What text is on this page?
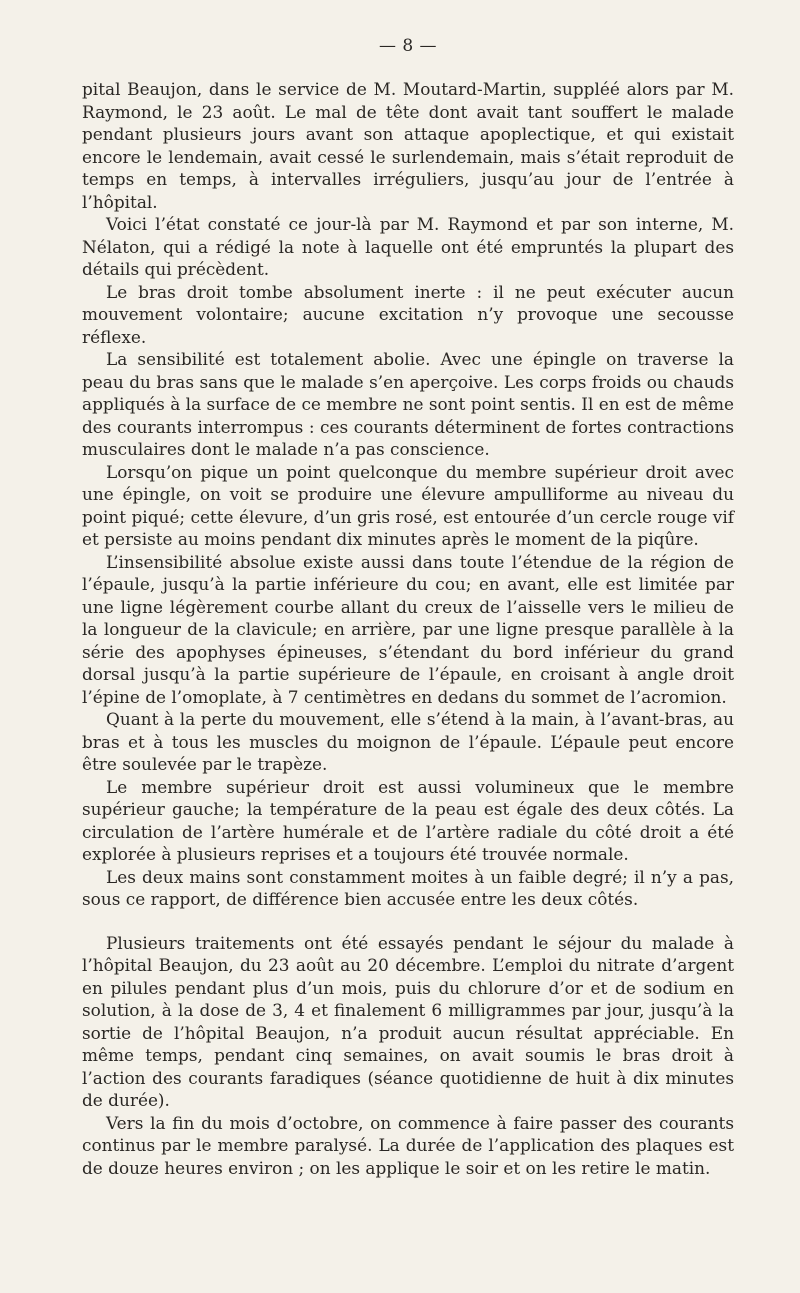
— 8 —

pital Beaujon, dans le service de M. Moutard-Martin, suppléé alors par M. Raymond, le 23 août. Le mal de tête dont avait tant souffert le malade pendant plusieurs jours avant son attaque apoplectique, et qui existait encore le lendemain, avait cessé le surlendemain, mais s’était reproduit de temps en temps, à intervalles irréguliers, jusqu’au jour de l’entrée à l’hôpital.

Voici l’état constaté ce jour-là par M. Raymond et par son interne, M. Nélaton, qui a rédigé la note à laquelle ont été empruntés la plupart des détails qui précèdent.

Le bras droit tombe absolument inerte : il ne peut exécuter aucun mouvement volontaire; aucune excitation n’y provoque une secousse réflexe.

La sensibilité est totalement abolie. Avec une épingle on traverse la peau du bras sans que le malade s’en aperçoive. Les corps froids ou chauds appliqués à la surface de ce membre ne sont point sentis. Il en est de même des courants interrompus : ces courants déterminent de fortes contractions musculaires dont le malade n’a pas conscience.

Lorsqu’on pique un point quelconque du membre supérieur droit avec une épingle, on voit se produire une élevure ampulliforme au niveau du point piqué; cette élevure, d’un gris rosé, est entourée d’un cercle rouge vif et persiste au moins pendant dix minutes après le moment de la piqûre.

L’insensibilité absolue existe aussi dans toute l’étendue de la région de l’épaule, jusqu’à la partie inférieure du cou; en avant, elle est limitée par une ligne légèrement courbe allant du creux de l’aisselle vers le milieu de la longueur de la clavicule; en arrière, par une ligne presque parallèle à la série des apophyses épineuses, s’étendant du bord inférieur du grand dorsal jusqu’à la partie supérieure de l’épaule, en croisant à angle droit l’épine de l’omoplate, à 7 centimètres en dedans du sommet de l’acromion.

Quant à la perte du mouvement, elle s’étend à la main, à l’avant-bras, au bras et à tous les muscles du moignon de l’épaule. L’épaule peut encore être soulevée par le trapèze.

Le membre supérieur droit est aussi volumineux que le membre supérieur gauche; la température de la peau est égale des deux côtés. La circulation de l’artère humérale et de l’artère radiale du côté droit a été explorée à plusieurs reprises et a toujours été trouvée normale.

Les deux mains sont constamment moites à un faible degré; il n’y a pas, sous ce rapport, de différence bien accusée entre les deux côtés.

Plusieurs traitements ont été essayés pendant le séjour du malade à l’hôpital Beaujon, du 23 août au 20 décembre. L’emploi du nitrate d’argent en pilules pendant plus d’un mois, puis du chlorure d’or et de sodium en solution, à la dose de 3, 4 et finalement 6 milligrammes par jour, jusqu’à la sortie de l’hôpital Beaujon, n’a produit aucun résultat appréciable. En même temps, pendant cinq semaines, on avait soumis le bras droit à l’action des courants faradiques (séance quotidienne de huit à dix minutes de durée).

Vers la fin du mois d’octobre, on commence à faire passer des courants continus par le membre paralysé. La durée de l’application des plaques est de douze heures environ ; on les applique le soir et on les retire le matin.
